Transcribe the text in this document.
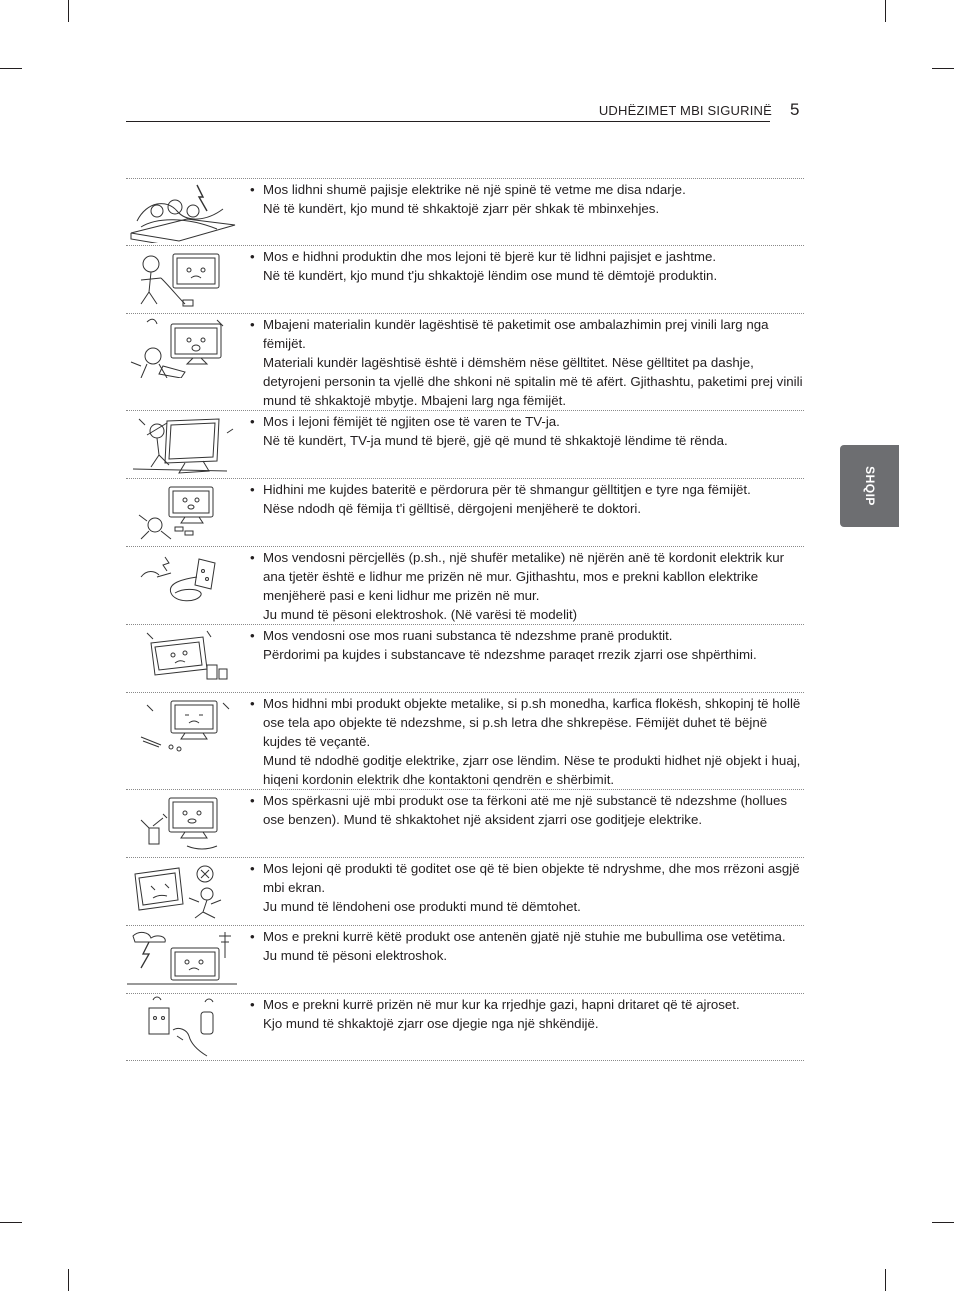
UDHËZIMET MBI SIGURINË 5
SHQIP
• Mos lidhni shumë pajisje elektrike në një spinë të vetme me disa ndarje.
Në të kundërt, kjo mund të shkaktojë zjarr për shkak të mbinxehjes.
• Mos e hidhni produktin dhe mos lejoni të bjerë kur të lidhni pajisjet e jashtme.
Në të kundërt, kjo mund t'ju shkaktojë lëndim ose mund të dëmtojë produktin.
• Mbajeni materialin kundër lagështisë të paketimit ose ambalazhimin prej vinili larg nga fëmijët.
Materiali kundër lagështisë është i dëmshëm nëse gëlltitet. Nëse gëlltitet pa dashje, detyrojeni personin ta vjellë dhe shkoni në spitalin më të afërt. Gjithashtu, paketimi prej vinili mund të shkaktojë mbytje. Mbajeni larg nga fëmijët.
• Mos i lejoni fëmijët të ngjiten ose të varen te TV-ja.
Në të kundërt, TV-ja mund të bjerë, gjë që mund të shkaktojë lëndime të rënda.
• Hidhini me kujdes bateritë e përdorura për të shmangur gëlltitjen e tyre nga fëmijët.
Nëse ndodh që fëmija t'i gëlltisë, dërgojeni menjëherë te doktori.
• Mos vendosni përcjellës (p.sh., një shufër metalike) në njërën anë të kordonit elektrik kur ana tjetër është e lidhur me prizën në mur. Gjithashtu, mos e prekni kabllon elektrike menjëherë pasi e keni lidhur me prizën në mur.
Ju mund të pësoni elektroshok. (Në varësi të modelit)
• Mos vendosni ose mos ruani substanca të ndezshme pranë produktit.
Përdorimi pa kujdes i substancave të ndezshme paraqet rrezik zjarri ose shpërthimi.
• Mos hidhni mbi produkt objekte metalike, si p.sh monedha, karfica flokësh, shkopinj të hollë ose tela apo objekte të ndezshme, si p.sh letra dhe shkrepëse. Fëmijët duhet të bëjnë kujdes të veçantë.
Mund të ndodhë goditje elektrike, zjarr ose lëndim. Nëse te produkti hidhet një objekt i huaj, hiqeni kordonin elektrik dhe kontaktoni qendrën e shërbimit.
• Mos spërkasni ujë mbi produkt ose ta fërkoni atë me një substancë të ndezshme (hollues ose benzen). Mund të shkaktohet një aksident zjarri ose goditjeje elektrike.
• Mos lejoni që produkti të goditet ose që të bien objekte të ndryshme, dhe mos rrëzoni asgjë mbi ekran.
Ju mund të lëndoheni ose produkti mund të dëmtohet.
• Mos e prekni kurrë këtë produkt ose antenën gjatë një stuhie me bubullima ose vetëtima.
Ju mund të pësoni elektroshok.
• Mos e prekni kurrë prizën në mur kur ka rrjedhje gazi, hapni dritaret që të ajroset.
Kjo mund të shkaktojë zjarr ose djegie nga një shkëndijë.
